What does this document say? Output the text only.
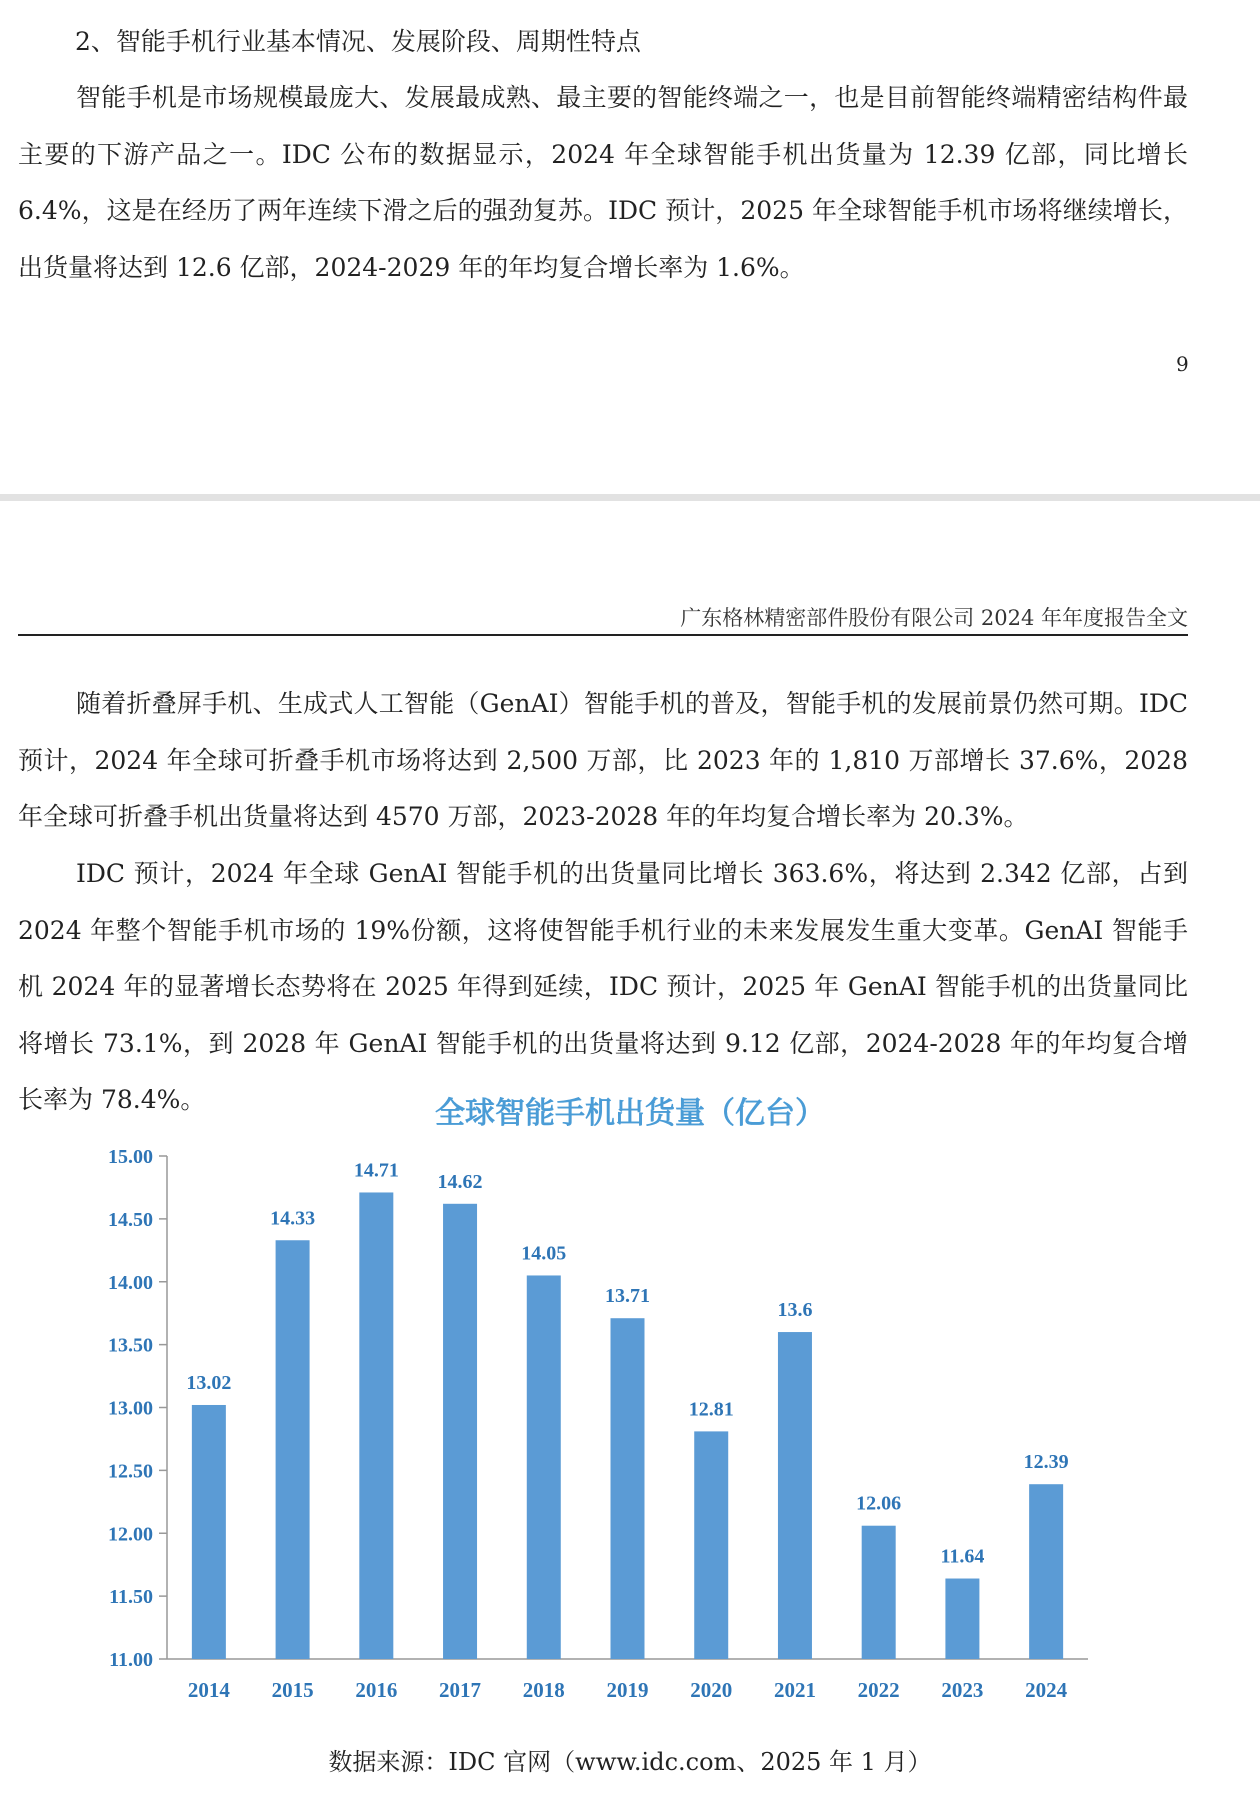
2、智能手机行业基本情况、发展阶段、周期性特点

智能手机是市场规模最庞大、发展最成熟、最主要的智能终端之一，也是目前智能终端精密结构件最主要的下游产品之一。IDC 公布的数据显示，2024 年全球智能手机出货量为 12.39 亿部，同比增长 6.4%，这是在经历了两年连续下滑之后的强劲复苏。IDC 预计，2025 年全球智能手机市场将继续增长，出货量将达到 12.6 亿部，2024-2029 年的年均复合增长率为 1.6%。

9
广东格林精密部件股份有限公司 2024 年年度报告全文

随着折叠屏手机、生成式人工智能（GenAI）智能手机的普及，智能手机的发展前景仍然可期。IDC 预计，2024 年全球可折叠手机市场将达到 2,500 万部，比 2023 年的 1,810 万部增长 37.6%，2028 年全球可折叠手机出货量将达到 4570 万部，2023-2028 年的年均复合增长率为 20.3%。

IDC 预计，2024 年全球 GenAI 智能手机的出货量同比增长 363.6%，将达到 2.342 亿部，占到 2024 年整个智能手机市场的 19%份额，这将使智能手机行业的未来发展发生重大变革。GenAI 智能手机 2024 年的显著增长态势将在 2025 年得到延续，IDC 预计，2025 年 GenAI 智能手机的出货量同比将增长 73.1%，到 2028 年 GenAI 智能手机的出货量将达到 9.12 亿部，2024-2028 年的年均复合增长率为 78.4%。	全球智能手机出货量（亿台）
11.00
11.50
12.00
12.50
13.00
13.50
14.00
14.50
15.00
13.02
2014
14.33
2015
14.71
2016
14.62
2017
14.05
2018
13.71
2019
12.81
2020
13.6
2021
12.06
2022
11.64
2023
12.39
2024
数据来源：IDC 官网（www.idc.com、2025 年 1 月）
